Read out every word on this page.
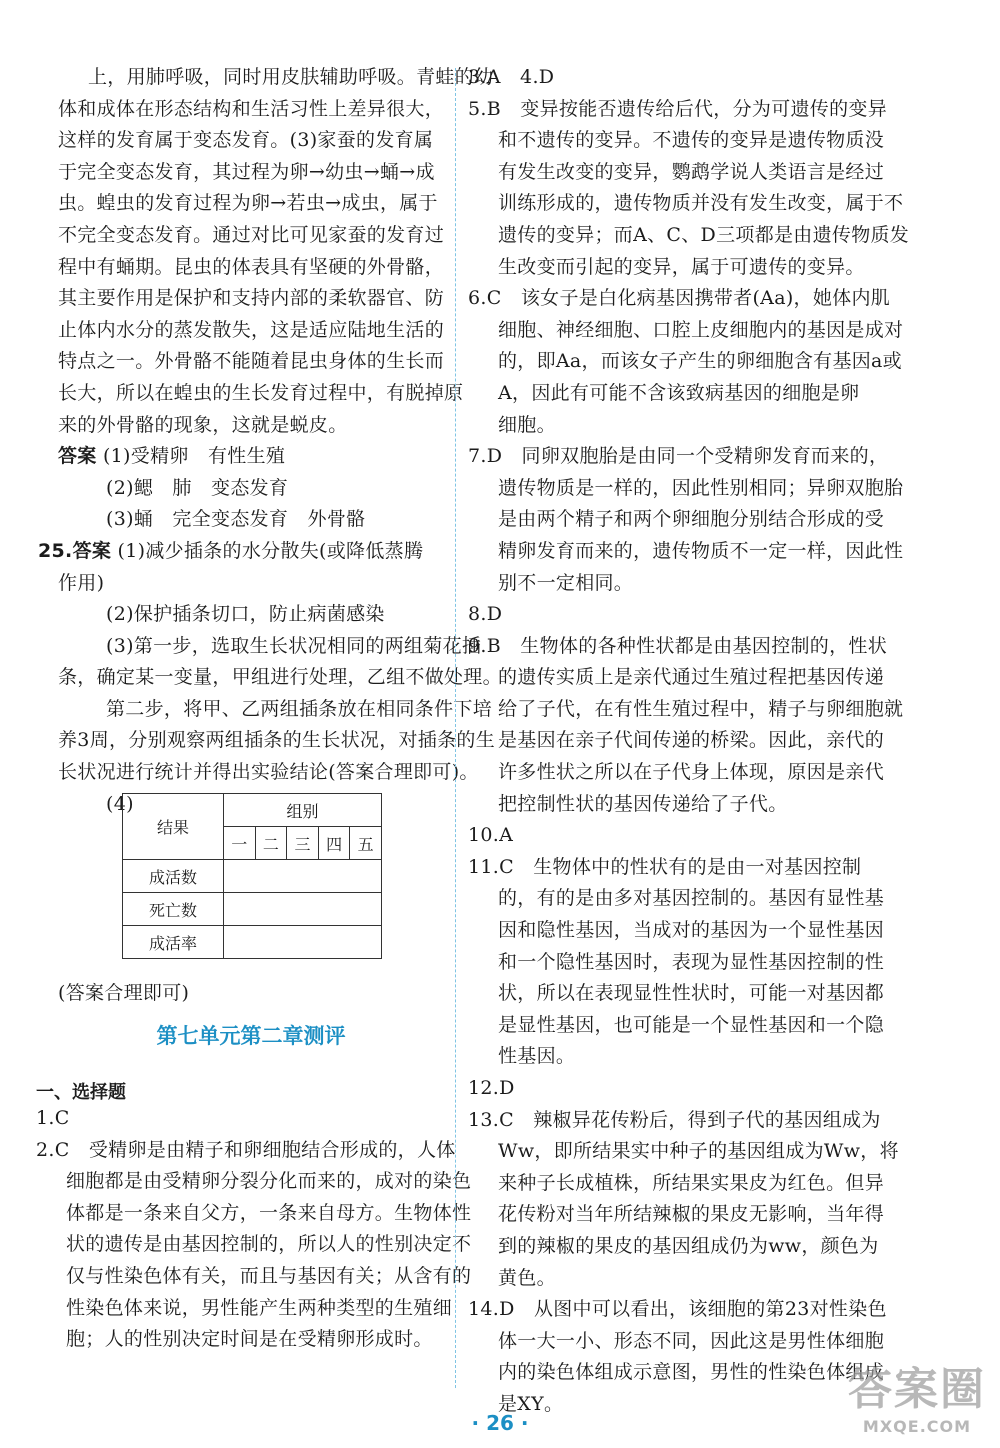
上，用肺呼吸，同时用皮肤辅助呼吸。青蛙的幼
体和成体在形态结构和生活习性上差异很大，
这样的发育属于变态发育。(3)家蚕的发育属
于完全变态发育，其过程为卵→幼虫→蛹→成
虫。蝗虫的发育过程为卵→若虫→成虫，属于
不完全变态发育。通过对比可见家蚕的发育过
程中有蛹期。昆虫的体表具有坚硬的外骨骼，
其主要作用是保护和支持内部的柔软器官、防
止体内水分的蒸发散失，这是适应陆地生活的
特点之一。外骨骼不能随着昆虫身体的生长而
长大，所以在蝗虫的生长发育过程中，有脱掉原
来的外骨骼的现象，这就是蜕皮。
答案 (1)受精卵　有性生殖
(2)鳃　肺　变态发育
(3)蛹　完全变态发育　外骨骼
25.答案 (1)减少插条的水分散失(或降低蒸腾
作用)
(2)保护插条切口，防止病菌感染
(3)第一步，选取生长状况相同的两组菊花插
条，确定某一变量，甲组进行处理，乙组不做处理。
第二步，将甲、乙两组插条放在相同条件下培
养3周，分别观察两组插条的生长状况，对插条的生
长状况进行统计并得出实验结论(答案合理即可)。
(4)
结果	组别				
	一	二	三	四	五
成活数					
死亡数					
成活率					
(答案合理即可)
第七单元第二章测评
一、选择题
1.C
2.C　受精卵是由精子和卵细胞结合形成的，人体
细胞都是由受精卵分裂分化而来的，成对的染色
体都是一条来自父方，一条来自母方。生物体性
状的遗传是由基因控制的，所以人的性别决定不
仅与性染色体有关，而且与基因有关；从含有的
性染色体来说，男性能产生两种类型的生殖细
胞；人的性别决定时间是在受精卵形成时。
3.A　4.D
5.B　变异按能否遗传给后代，分为可遗传的变异
和不遗传的变异。不遗传的变异是遗传物质没
有发生改变的变异，鹦鹉学说人类语言是经过
训练形成的，遗传物质并没有发生改变，属于不
遗传的变异；而A、C、D三项都是由遗传物质发
生改变而引起的变异，属于可遗传的变异。
6.C　该女子是白化病基因携带者(Aa)，她体内肌
细胞、神经细胞、口腔上皮细胞内的基因是成对
的，即Aa，而该女子产生的卵细胞含有基因a或
A，因此有可能不含该致病基因的细胞是卵
细胞。
7.D　同卵双胞胎是由同一个受精卵发育而来的，
遗传物质是一样的，因此性别相同；异卵双胞胎
是由两个精子和两个卵细胞分别结合形成的受
精卵发育而来的，遗传物质不一定一样，因此性
别不一定相同。
8.D
9.B　生物体的各种性状都是由基因控制的，性状
的遗传实质上是亲代通过生殖过程把基因传递
给了子代，在有性生殖过程中，精子与卵细胞就
是基因在亲子代间传递的桥梁。因此，亲代的
许多性状之所以在子代身上体现，原因是亲代
把控制性状的基因传递给了子代。
10.A
11.C　生物体中的性状有的是由一对基因控制
的，有的是由多对基因控制的。基因有显性基
因和隐性基因，当成对的基因为一个显性基因
和一个隐性基因时，表现为显性基因控制的性
状，所以在表现显性性状时，可能一对基因都
是显性基因，也可能是一个显性基因和一个隐
性基因。
12.D
13.C　辣椒异花传粉后，得到子代的基因组成为
Ww，即所结果实中种子的基因组成为Ww，将
来种子长成植株，所结果实果皮为红色。但异
花传粉对当年所结辣椒的果皮无影响，当年得
到的辣椒的果皮的基因组成仍为ww，颜色为
黄色。
14.D　从图中可以看出，该细胞的第23对性染色
体一大一小、形态不同，因此这是男性体细胞
内的染色体组成示意图，男性的性染色体组成
是XY。
· 26 ·
答案圈
MXQE.COM
